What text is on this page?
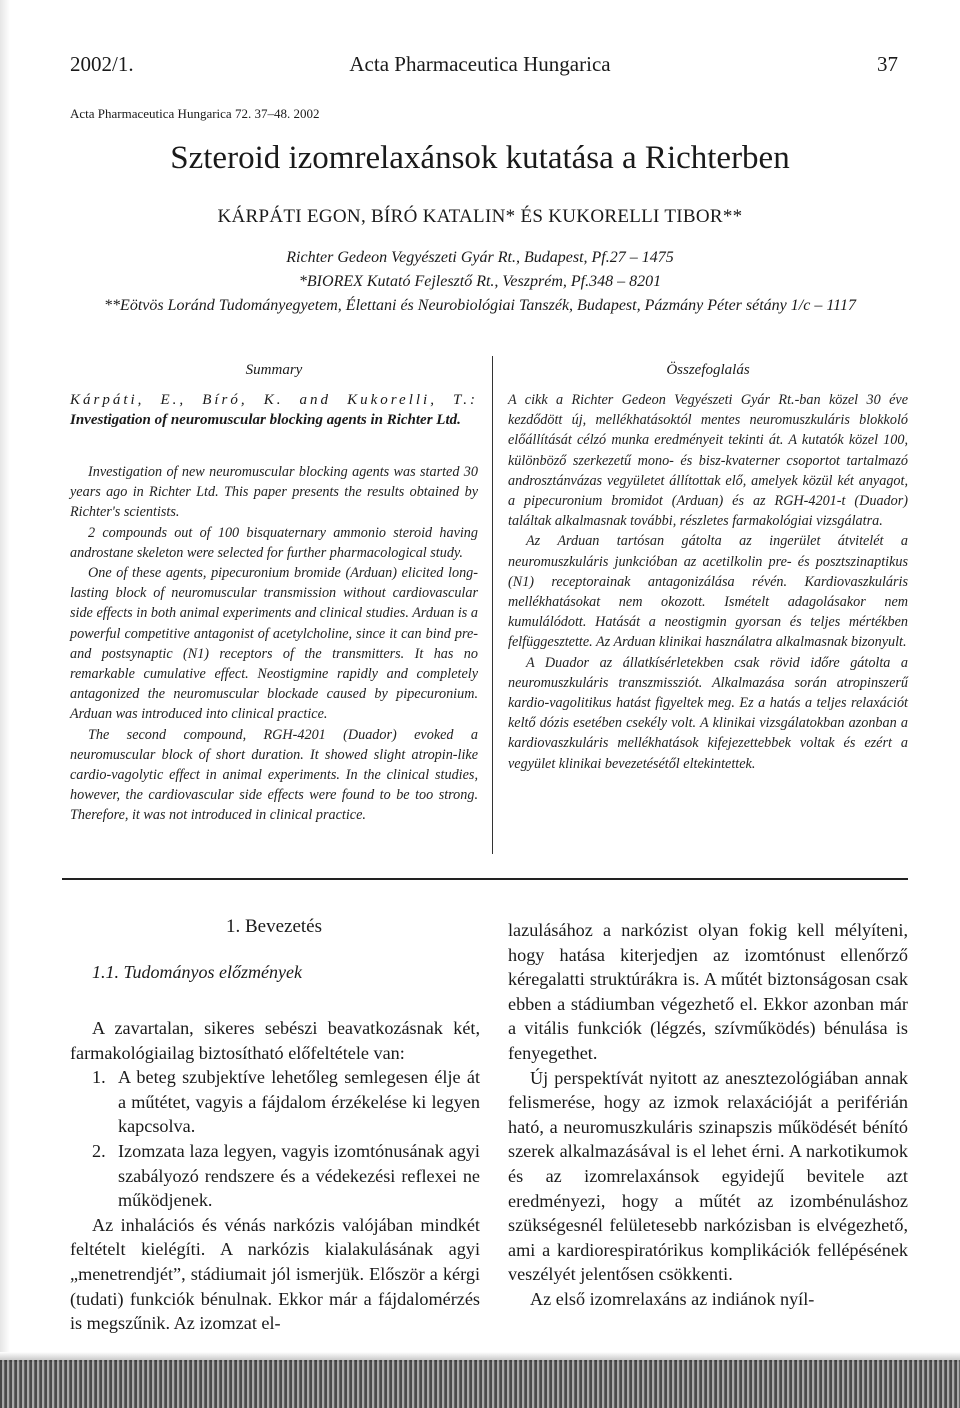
2002/1.	Acta Pharmaceutica Hungarica	37
Acta Pharmaceutica Hungarica 72. 37–48. 2002
Szteroid izomrelaxánsok kutatása a Richterben
KÁRPÁTI EGON, BÍRÓ KATALIN* ÉS KUKORELLI TIBOR**
Richter Gedeon Vegyészeti Gyár Rt., Budapest, Pf.27 – 1475
*BIOREX Kutató Fejlesztő Rt., Veszprém, Pf.348 – 8201
**Eötvös Loránd Tudományegyetem, Élettani és Neurobiológiai Tanszék, Budapest, Pázmány Péter sétány 1/c – 1117
Summary	Összefoglalás
Kárpáti, E., Bíró, K. and Kukorelli, T.: Investigation of neuromuscular blocking agents in Richter Ltd.

Investigation of new neuromuscular blocking agents was started 30 years ago in Richter Ltd. This paper presents the results obtained by Richter's scientists.

2 compounds out of 100 bisquaternary ammonio steroid having androstane skeleton were selected for further pharmacological study.

One of these agents, pipecuronium bromide (Arduan) elicited long-lasting block of neuromuscular transmission without cardiovascular side effects in both animal experiments and clinical studies. Arduan is a powerful competitive antagonist of acetylcholine, since it can bind pre- and postsynaptic (N1) receptors of the transmitters. It has no remarkable cumulative effect. Neostigmine rapidly and completely antagonized the neuromuscular blockade caused by pipecuronium. Arduan was introduced into clinical practice.

The second compound, RGH-4201 (Duador) evoked a neuromuscular block of short duration. It showed slight atropin-like cardio-vagolytic effect in animal experiments. In the clinical studies, however, the cardiovascular side effects were found to be too strong. Therefore, it was not introduced in clinical practice.

A cikk a Richter Gedeon Vegyészeti Gyár Rt.-ban közel 30 éve kezdődött új, mellékhatásoktól mentes neuromuszkuláris blokkoló előállítását célzó munka eredményeit tekinti át. A kutatók közel 100, különböző szerkezetű mono- és bisz-kvaterner csoportot tartalmazó androsztánvázas vegyületet állítottak elő, amelyek közül két anyagot, a pipecuronium bromidot (Arduan) és az RGH-4201-t (Duador) találtak alkalmasnak további, részletes farmakológiai vizsgálatra.

Az Arduan tartósan gátolta az ingerület átvitelét a neuromuszkuláris junkcióban az acetilkolin pre- és posztszinaptikus (N1) receptorainak antagonizálása révén. Kardiovaszkuláris mellékhatásokat nem okozott. Ismételt adagolásakor nem kumulálódott. Hatását a neostigmin gyorsan és teljes mértékben felfüggesztette. Az Arduan klinikai használatra alkalmasnak bizonyult.

A Duador az állatkísérletekben csak rövid időre gátolta a neuromuszkuláris transzmissziót. Alkalmazása során atropinszerű kardio-vagolitikus hatást figyeltek meg. Ez a hatás a teljes relaxációt keltő dózis esetében csekély volt. A klinikai vizsgálatokban azonban a kardiovaszkuláris mellékhatások kifejezettebbek voltak és ezért a vegyület klinikai bevezetésétől eltekintettek.

1. Bevezetés
1.1. Tudományos előzmények

A zavartalan, sikeres sebészi beavatkozásnak két, farmakológiailag biztosítható előfeltétele van:

1. A beteg szubjektíve lehetőleg semlegesen élje át a műtétet, vagyis a fájdalom érzékelése ki legyen kapcsolva.

2. Izomzata laza legyen, vagyis izomtónusának agyi szabályozó rendszere és a védekezési reflexei ne működjenek.

Az inhalációs és vénás narkózis valójában mindkét feltételt kielégíti. A narkózis kialakulásának agyi „menetrendjét”, stádiumait jól ismerjük. Először a kérgi (tudati) funkciók bénulnak. Ekkor már a fájdalomérzés is megszűnik. Az izomzat el-

lazulásához a narkózist olyan fokig kell mélyíteni, hogy hatása kiterjedjen az izomtónust ellenőrző kéregalatti struktúrákra is. A műtét biztonságosan csak ebben a stádiumban végezhető el. Ekkor azonban már a vitális funkciók (légzés, szívműködés) bénulása is fenyegethet.

Új perspektívát nyitott az anesztezológiában annak felismerése, hogy az izmok relaxációját a periférián ható, a neuromuszkuláris szinapszis működését bénító szerek alkalmazásával is el lehet érni. A narkotikumok és az izomrelaxánsok egyidejű bevitele azt eredményezi, hogy a műtét az izombénuláshoz szükségesnél felületesebb narkózisban is elvégezhető, ami a kardiorespiratórikus komplikációk fellépésének veszélyét jelentősen csökkenti.

Az első izomrelaxáns az indiánok nyíl-
